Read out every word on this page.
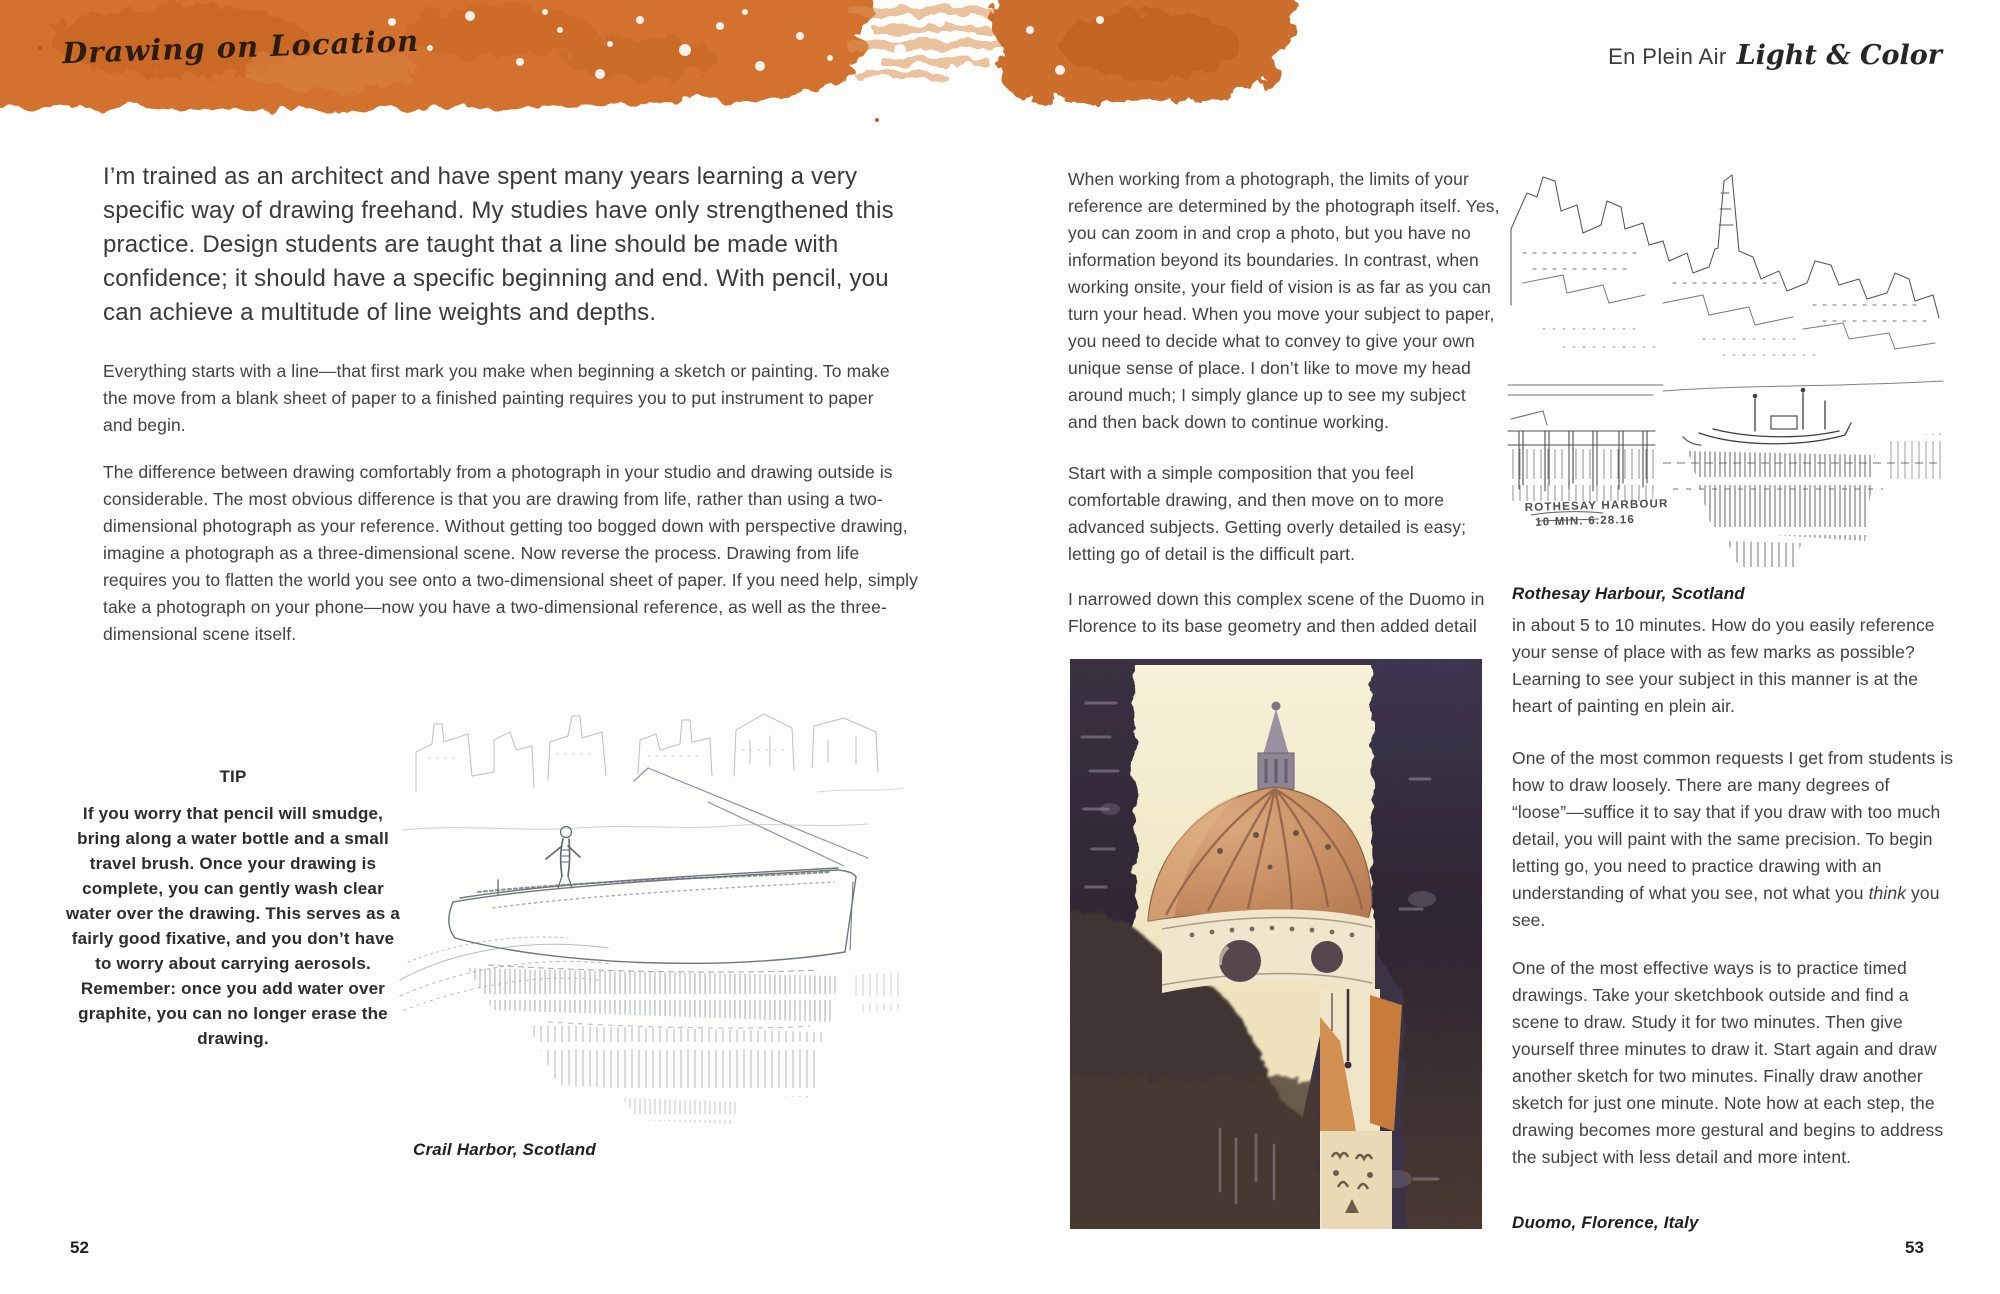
Drawing on Location	En Plein Air Light & Color

I’m trained as an architect and have spent many years learning a very specific way of drawing freehand. My studies have only strengthened this practice. Design students are taught that a line should be made with confidence; it should have a specific beginning and end. With pencil, you can achieve a multitude of line weights and depths.

Everything starts with a line—that first mark you make when beginning a sketch or painting. To make the move from a blank sheet of paper to a finished painting requires you to put instrument to paper and begin.

The difference between drawing comfortably from a photograph in your studio and drawing outside is considerable. The most obvious difference is that you are drawing from life, rather than using a two-dimensional photograph as your reference. Without getting too bogged down with perspective drawing, imagine a photograph as a three-dimensional scene. Now reverse the process. Drawing from life requires you to flatten the world you see onto a two-dimensional sheet of paper. If you need help, simply take a photograph on your phone—now you have a two-dimensional reference, as well as the three-dimensional scene itself.

TIP
If you worry that pencil will smudge, bring along a water bottle and a small travel brush. Once your drawing is complete, you can gently wash clear water over the drawing. This serves as a fairly good fixative, and you don’t have to worry about carrying aerosols. Remember: once you add water over graphite, you can no longer erase the drawing.

Crail Harbor, Scotland

52

When working from a photograph, the limits of your reference are determined by the photograph itself. Yes, you can zoom in and crop a photo, but you have no information beyond its boundaries. In contrast, when working onsite, your field of vision is as far as you can turn your head. When you move your subject to paper, you need to decide what to convey to give your own unique sense of place. I don’t like to move my head around much; I simply glance up to see my subject and then back down to continue working.

Start with a simple composition that you feel comfortable drawing, and then move on to more advanced subjects. Getting overly detailed is easy; letting go of detail is the difficult part.

I narrowed down this complex scene of the Duomo in Florence to its base geometry and then added detail

ROTHESAY HARBOUR
10 MIN. 6.28.16

Rothesay Harbour, Scotland

in about 5 to 10 minutes. How do you easily reference your sense of place with as few marks as possible? Learning to see your subject in this manner is at the heart of painting en plein air.

One of the most common requests I get from students is how to draw loosely. There are many degrees of “loose”—suffice it to say that if you draw with too much detail, you will paint with the same precision. To begin letting go, you need to practice drawing with an understanding of what you see, not what you think you see.

One of the most effective ways is to practice timed drawings. Take your sketchbook outside and find a scene to draw. Study it for two minutes. Then give yourself three minutes to draw it. Start again and draw another sketch for two minutes. Finally draw another sketch for just one minute. Note how at each step, the drawing becomes more gestural and begins to address the subject with less detail and more intent.

Duomo, Florence, Italy

53
